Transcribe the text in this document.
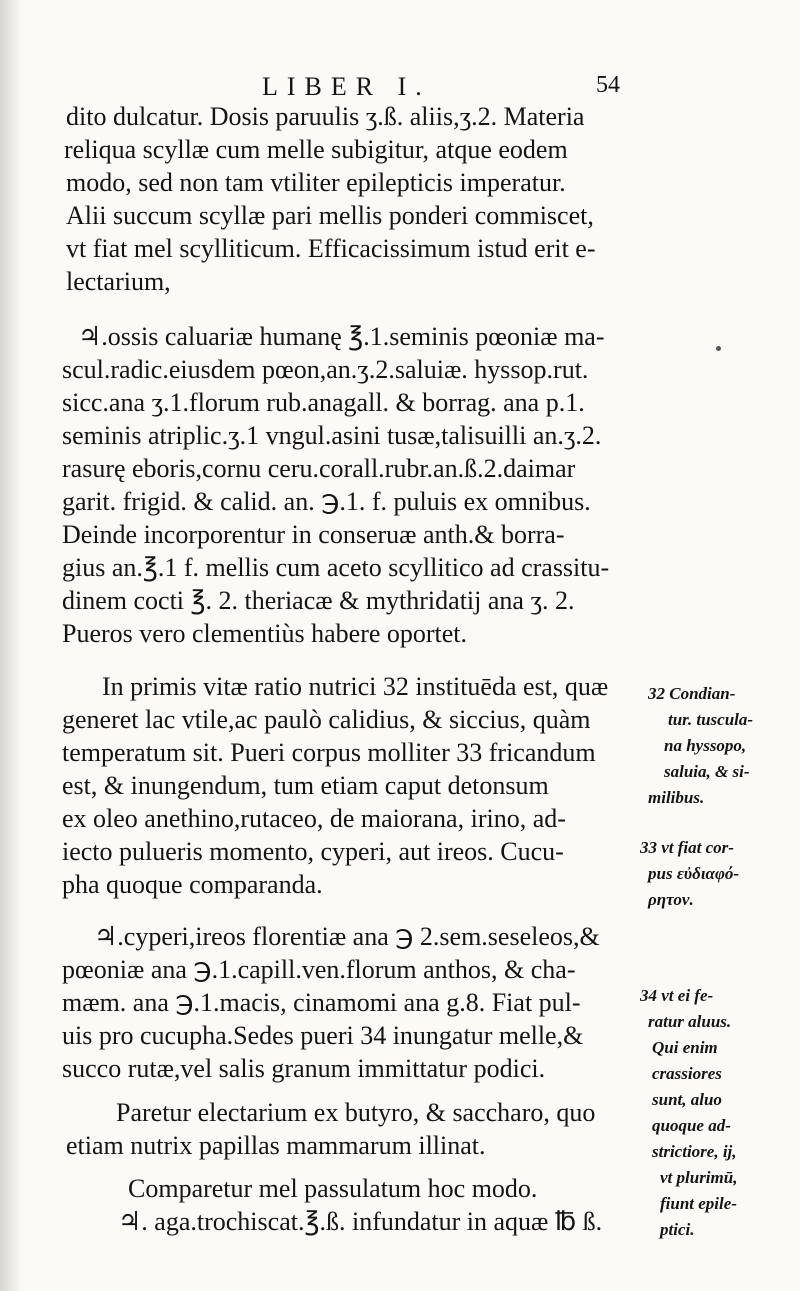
LIBER I.	54
dito dulcatur. Dosis paruulis ʒ.ß. aliis,ʒ.2. Materia
reliqua scyllæ cum melle subigitur, atque eodem
modo, sed non tam vtiliter epilepticis imperatur.
Alii succum scyllæ pari mellis ponderi commiscet,
vt fiat mel scylliticum. Efficacissimum istud erit e-
lectarium,
♃.ossis caluariæ humanę ℥.1.seminis pœoniæ ma-
scul.radic.eiusdem pœon,an.ʒ.2.saluiæ. hyssop.rut.
sicc.ana ʒ.1.florum rub.anagall. & borrag. ana p.1.
seminis atriplic.ʒ.1 vngul.asini tusæ,talisuilli an.ʒ.2.
rasurę eboris,cornu ceru.corall.rubr.an.ß.2.daimar
garit. frigid. & calid. an. ℈.1. f. puluis ex omnibus.
Deinde incorporentur in conseruæ anth.& borra-
gius an.℥.1 f. mellis cum aceto scyllitico ad crassitu-
dinem cocti ℥. 2. theriacæ & mythridatij ana ʒ. 2.
Pueros vero clementiùs habere oportet.
In primis vitæ ratio nutrici 32 instituēda est, quæ
generet lac vtile,ac paulò calidius, & siccius, quàm
temperatum sit. Pueri corpus molliter 33 fricandum
est, & inungendum, tum etiam caput detonsum
ex oleo anethino,rutaceo, de maiorana, irino, ad-
iecto pulueris momento, cyperi, aut ireos. Cucu-
pha quoque comparanda.
♃.cyperi,ireos florentiæ ana ℈ 2.sem.seseleos,&
pœoniæ ana ℈.1.capill.ven.florum anthos, & cha-
mæm. ana ℈.1.macis, cinamomi ana g.8. Fiat pul-
uis pro cucupha.Sedes pueri 34 inungatur melle,&
succo rutæ,vel salis granum immittatur podici.
Paretur electarium ex butyro, & saccharo, quo
etiam nutrix papillas mammarum illinat.
Comparetur mel passulatum hoc modo.
♃. aga.trochiscat.℥.ß. infundatur in aquæ ℔ ß.
32 Condian-
tur. tuscula-
na hyssopo,
saluia, & si-
milibus.
33 vt fiat cor-
pus εὐδιαφό-
ρητον.
34 vt ei fe-
ratur aluus.
Qui enim
crassiores
sunt, aluo
quoque ad-
strictiore, ij,
vt plurimū,
fiunt epile-
ptici.
